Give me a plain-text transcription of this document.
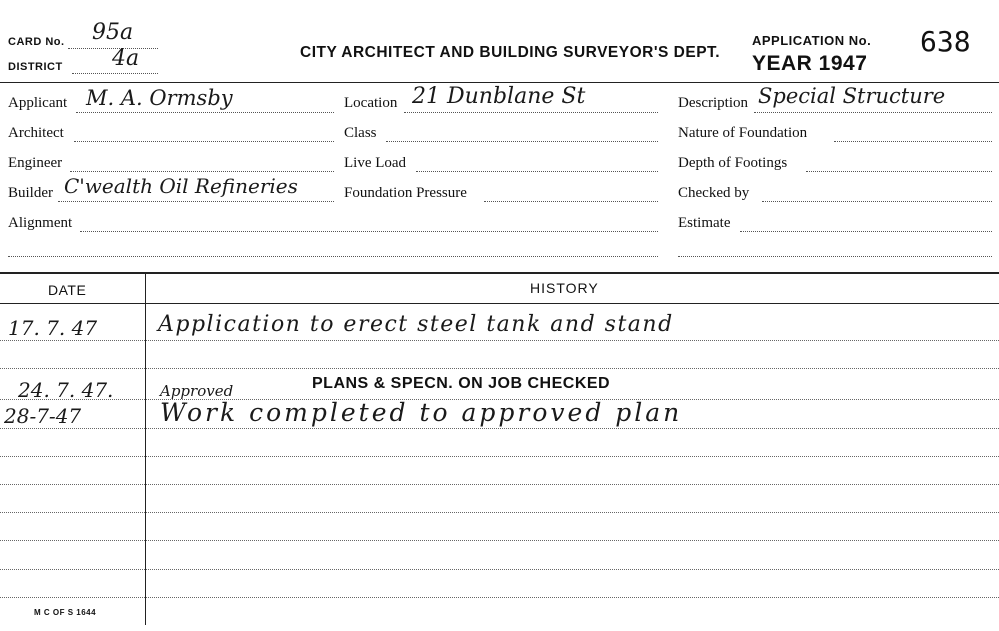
CARD No. 95a
DISTRICT 4a	CITY ARCHITECT AND BUILDING SURVEYOR'S DEPT.
APPLICATION No. 638
YEAR 1947
Applicant M. A. Ormsby
Architect
Engineer
Builder C'wealth Oil Refineries
Alignment
Location 21 Dunblane St
Class
Live Load
Foundation Pressure
Description Special Structure
Nature of Foundation
Depth of Footings
Checked by
Estimate
DATE	HISTORY
17. 7. 47	Application to erect steel tank and stand
24. 7. 47.	Approved	PLANS & SPECN. ON JOB CHECKED
28-7-47	Work completed to approved plan
M C OF S 1644
